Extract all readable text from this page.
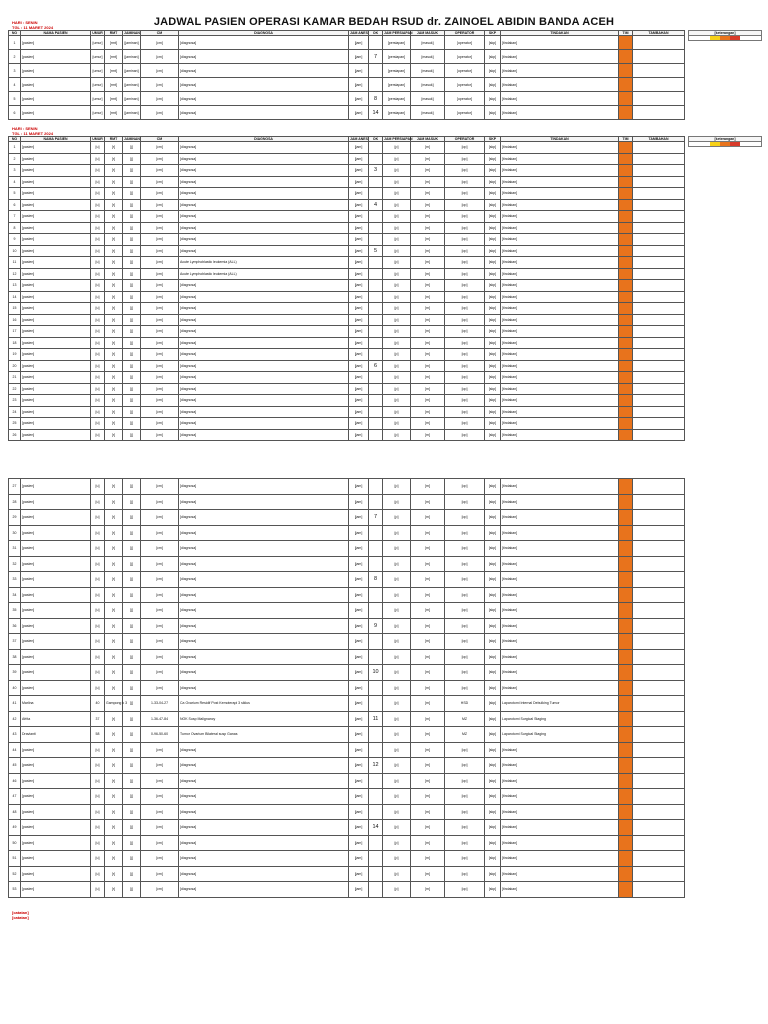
JADWAL PASIEN OPERASI KAMAR BEDAH RSUD dr. ZAINOEL ABIDIN BANDA ACEH
HARI : SENIN
TGL : 11 MARET 2024
NO	NAMA PASIEN	UMUR	RMT	JAMINAN	CM	DIAGNOSA	JAM ANES	OK	JAM PERSIAPAN	JAM MASUK	OPERATOR	SKP	TINDAKAN	TIM	TAMBAHAN
1	[pasien]	[umur]	[rmt]	[jaminan]	[cm]	[diagnosa]	[jam]		[persiapan]	[masuk]	[operator]	[skp]	[tindakan]		
2	[pasien]	[umur]	[rmt]	[jaminan]	[cm]	[diagnosa]	[jam]	7	[persiapan]	[masuk]	[operator]	[skp]	[tindakan]		
3	[pasien]	[umur]	[rmt]	[jaminan]	[cm]	[diagnosa]	[jam]		[persiapan]	[masuk]	[operator]	[skp]	[tindakan]		
4	[pasien]	[umur]	[rmt]	[jaminan]	[cm]	[diagnosa]	[jam]		[persiapan]	[masuk]	[operator]	[skp]	[tindakan]		
5	[pasien]	[umur]	[rmt]	[jaminan]	[cm]	[diagnosa]	[jam]	8	[persiapan]	[masuk]	[operator]	[skp]	[tindakan]		
6	[pasien]	[umur]	[rmt]	[jaminan]	[cm]	[diagnosa]	[jam]	14	[persiapan]	[masuk]	[operator]	[skp]	[tindakan]		
HARI : SENIN
TGL : 11 MARET 2024
NO	NAMA PASIEN	UMUR	RMT	JAMINAN	CM	DIAGNOSA	JAM ANES	OK	JAM PERSIAPAN	JAM MASUK	OPERATOR	SKP	TINDAKAN	TIM	TAMBAHAN
1	[pasien]	[u]	[r]	[j]	[cm]	[diagnosa]	[jam]		[p]	[m]	[op]	[skp]	[tindakan]		
2	[pasien]	[u]	[r]	[j]	[cm]	[diagnosa]	[jam]		[p]	[m]	[op]	[skp]	[tindakan]		
3	[pasien]	[u]	[r]	[j]	[cm]	[diagnosa]	[jam]	3	[p]	[m]	[op]	[skp]	[tindakan]		
4	[pasien]	[u]	[r]	[j]	[cm]	[diagnosa]	[jam]		[p]	[m]	[op]	[skp]	[tindakan]		
5	[pasien]	[u]	[r]	[j]	[cm]	[diagnosa]	[jam]		[p]	[m]	[op]	[skp]	[tindakan]		
6	[pasien]	[u]	[r]	[j]	[cm]	[diagnosa]	[jam]	4	[p]	[m]	[op]	[skp]	[tindakan]		
7	[pasien]	[u]	[r]	[j]	[cm]	[diagnosa]	[jam]		[p]	[m]	[op]	[skp]	[tindakan]		
8	[pasien]	[u]	[r]	[j]	[cm]	[diagnosa]	[jam]		[p]	[m]	[op]	[skp]	[tindakan]		
9	[pasien]	[u]	[r]	[j]	[cm]	[diagnosa]	[jam]		[p]	[m]	[op]	[skp]	[tindakan]		
10	[pasien]	[u]	[r]	[j]	[cm]	[diagnosa]	[jam]	5	[p]	[m]	[op]	[skp]	[tindakan]		
11	[pasien]	[u]	[r]	[j]	[cm]	Acute Lymphoblastic leukemia (ALL)	[jam]		[p]	[m]	[op]	[skp]	[tindakan]		
12	[pasien]	[u]	[r]	[j]	[cm]	Acute Lymphoblastic leukemia (ALL)	[jam]		[p]	[m]	[op]	[skp]	[tindakan]		
13	[pasien]	[u]	[r]	[j]	[cm]	[diagnosa]	[jam]		[p]	[m]	[op]	[skp]	[tindakan]		
14	[pasien]	[u]	[r]	[j]	[cm]	[diagnosa]	[jam]		[p]	[m]	[op]	[skp]	[tindakan]		
15	[pasien]	[u]	[r]	[j]	[cm]	[diagnosa]	[jam]		[p]	[m]	[op]	[skp]	[tindakan]		
16	[pasien]	[u]	[r]	[j]	[cm]	[diagnosa]	[jam]		[p]	[m]	[op]	[skp]	[tindakan]		
17	[pasien]	[u]	[r]	[j]	[cm]	[diagnosa]	[jam]		[p]	[m]	[op]	[skp]	[tindakan]		
18	[pasien]	[u]	[r]	[j]	[cm]	[diagnosa]	[jam]		[p]	[m]	[op]	[skp]	[tindakan]		
19	[pasien]	[u]	[r]	[j]	[cm]	[diagnosa]	[jam]		[p]	[m]	[op]	[skp]	[tindakan]		
20	[pasien]	[u]	[r]	[j]	[cm]	[diagnosa]	[jam]	6	[p]	[m]	[op]	[skp]	[tindakan]		
21	[pasien]	[u]	[r]	[j]	[cm]	[diagnosa]	[jam]		[p]	[m]	[op]	[skp]	[tindakan]		
22	[pasien]	[u]	[r]	[j]	[cm]	[diagnosa]	[jam]		[p]	[m]	[op]	[skp]	[tindakan]		
23	[pasien]	[u]	[r]	[j]	[cm]	[diagnosa]	[jam]		[p]	[m]	[op]	[skp]	[tindakan]		
24	[pasien]	[u]	[r]	[j]	[cm]	[diagnosa]	[jam]		[p]	[m]	[op]	[skp]	[tindakan]		
25	[pasien]	[u]	[r]	[j]	[cm]	[diagnosa]	[jam]		[p]	[m]	[op]	[skp]	[tindakan]		
26	[pasien]	[u]	[r]	[j]	[cm]	[diagnosa]	[jam]		[p]	[m]	[op]	[skp]	[tindakan]		
27	[pasien]	[u]	[r]	[j]	[cm]	[diagnosa]	[jam]		[p]	[m]	[op]	[skp]	[tindakan]		
28	[pasien]	[u]	[r]	[j]	[cm]	[diagnosa]	[jam]		[p]	[m]	[op]	[skp]	[tindakan]		
29	[pasien]	[u]	[r]	[j]	[cm]	[diagnosa]	[jam]	7	[p]	[m]	[op]	[skp]	[tindakan]		
30	[pasien]	[u]	[r]	[j]	[cm]	[diagnosa]	[jam]		[p]	[m]	[op]	[skp]	[tindakan]		
31	[pasien]	[u]	[r]	[j]	[cm]	[diagnosa]	[jam]		[p]	[m]	[op]	[skp]	[tindakan]		
32	[pasien]	[u]	[r]	[j]	[cm]	[diagnosa]	[jam]		[p]	[m]	[op]	[skp]	[tindakan]		
33	[pasien]	[u]	[r]	[j]	[cm]	[diagnosa]	[jam]	8	[p]	[m]	[op]	[skp]	[tindakan]		
34	[pasien]	[u]	[r]	[j]	[cm]	[diagnosa]	[jam]		[p]	[m]	[op]	[skp]	[tindakan]		
35	[pasien]	[u]	[r]	[j]	[cm]	[diagnosa]	[jam]		[p]	[m]	[op]	[skp]	[tindakan]		
36	[pasien]	[u]	[r]	[j]	[cm]	[diagnosa]	[jam]	9	[p]	[m]	[op]	[skp]	[tindakan]		
37	[pasien]	[u]	[r]	[j]	[cm]	[diagnosa]	[jam]		[p]	[m]	[op]	[skp]	[tindakan]		
38	[pasien]	[u]	[r]	[j]	[cm]	[diagnosa]	[jam]		[p]	[m]	[op]	[skp]	[tindakan]		
39	[pasien]	[u]	[r]	[j]	[cm]	[diagnosa]	[jam]	10	[p]	[m]	[op]	[skp]	[tindakan]		
40	[pasien]	[u]	[r]	[j]	[cm]	[diagnosa]	[jam]		[p]	[m]	[op]	[skp]	[tindakan]		
41	Marlina	40	Gampong k 3	[j]	1-33-04-27	Ca Ovarium Residif Post Kemoterapi 3 siklus	[jam]		[p]	[m]	HSD	[skp]	Laparotomi Internal Debulking Tumor		
42	Afrita	37	[r]	[j]	1-36-47-84	NOK Susp Malignancy	[jam]	11	[p]	[m]	MZ	[skp]	Laparotomi Surgical Staging		
43	Dravianti	58	[r]	[j]	0-96-50-60	Tumor Ovarium Bilateral susp Ganas	[jam]		[p]	[m]	MZ	[skp]	Laparotomi Surgical Staging		
44	[pasien]	[u]	[r]	[j]	[cm]	[diagnosa]	[jam]		[p]	[m]	[op]	[skp]	[tindakan]		
45	[pasien]	[u]	[r]	[j]	[cm]	[diagnosa]	[jam]	12	[p]	[m]	[op]	[skp]	[tindakan]		
46	[pasien]	[u]	[r]	[j]	[cm]	[diagnosa]	[jam]		[p]	[m]	[op]	[skp]	[tindakan]		
47	[pasien]	[u]	[r]	[j]	[cm]	[diagnosa]	[jam]		[p]	[m]	[op]	[skp]	[tindakan]		
48	[pasien]	[u]	[r]	[j]	[cm]	[diagnosa]	[jam]		[p]	[m]	[op]	[skp]	[tindakan]		
49	[pasien]	[u]	[r]	[j]	[cm]	[diagnosa]	[jam]	14	[p]	[m]	[op]	[skp]	[tindakan]		
50	[pasien]	[u]	[r]	[j]	[cm]	[diagnosa]	[jam]		[p]	[m]	[op]	[skp]	[tindakan]		
51	[pasien]	[u]	[r]	[j]	[cm]	[diagnosa]	[jam]		[p]	[m]	[op]	[skp]	[tindakan]		
52	[pasien]	[u]	[r]	[j]	[cm]	[diagnosa]	[jam]		[p]	[m]	[op]	[skp]	[tindakan]		
53	[pasien]	[u]	[r]	[j]	[cm]	[diagnosa]	[jam]		[p]	[m]	[op]	[skp]	[tindakan]		
[catatan]
[catatan]
[keterangan]

[keterangan]
